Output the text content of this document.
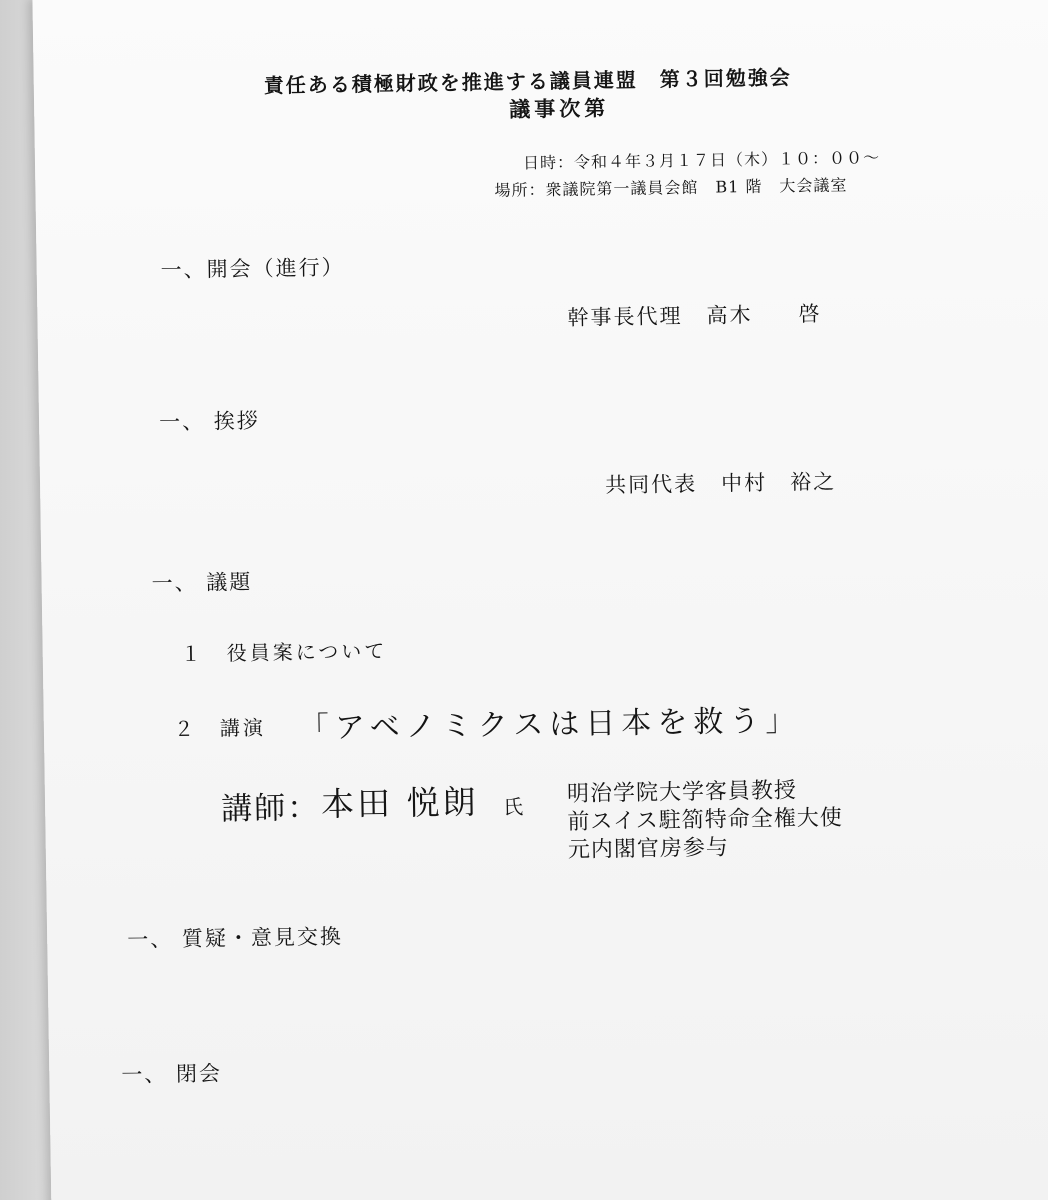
責任ある積極財政を推進する議員連盟　第３回勉強会
議事次第
日時：令和４年３月１７日（木）１０：００～
場所：衆議院第一議員会館　B1 階　大会議室
一、開会（進行）
幹事長代理 高木　　啓
一、 挨拶
共同代表 中村　裕之
一、 議題
１　役員案について
２　講演 「アベノミクスは日本を救う」
講師： 本田 悦朗 氏 明治学院大学客員教授
前スイス駐箚特命全権大使
元内閣官房参与
一、 質疑・意見交換
一、 閉会
